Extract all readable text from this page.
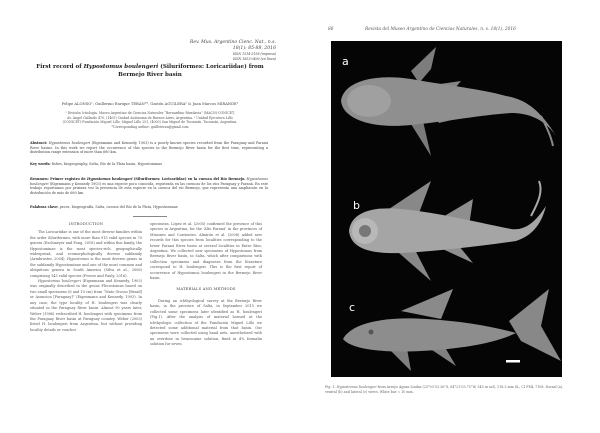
Rev. Mus. Argentino Cienc. Nat., n.s.
18(1): 85-88, 2016
ISSN 1514-5158 (impresa)
ISSN 1853-0400 (en línea)
First record of Hypostomus boulengeri (Siluriformes: Loricariidae) from Bermejo River basin
Felipe ALONSO¹, Guillermo Enrique TERÁN²*, Gastón AGUILERA² & Juan Marcos MIRANDE²
¹ División Ictiología, Museo Argentino de Ciencias Naturales “Bernardino Rivadavia” (MACN)-CONICET,
Av. Ángel Gallardo 470, (1405) Ciudad Autónoma de Buenos Aires, Argentina. ² Unidad Ejecutora Lillo
(CONICET)-Fundación Miguel Lillo, Miguel Lillo 251, (4000) San Miguel de Tucumán, Tucumán, Argentina.
*Corresponding author: guilleteran@gmail.com
Abstract: Hypostomus boulengeri (Eigenmann and Kennedy, 1903) is a poorly known species recorded from the Paraguay and Paraná River basins. In this work we report the occurrence of this species in the Bermejo River basin for the first time, representing a distribution range extension of more than 680 km.
Key words: fishes, biogeography, Salta, Río de la Plata basin, Hypostominae
Resumen: Primer registro de Hypostomus boulengeri (Siluriformes: Loricariidae) en la cuenca del Río Bermejo. Hypostomus boulengeri (Eigenmann y Kennedy 1903) es una especie poco conocida, registrada en las cuencas de los ríos Paraguay y Paraná. En este trabajo reportamos por primera vez la presencia de esta especie en la cuenca del río Bermejo, que representa una ampliación en la distribución de más de 680 km.
Palabras clave: peces, biogeografía, Salta, cuenca del Río de la Plata, Hypostominae
INTRODUCTION
The Loricariidae is one of the most diverse families within the order Siluriformes, with more than 915 valid species in 70 genera (Eschmeyer and Fong, 2016) and within this family, the Hypostominae is the most species-rich, geographically widespread, and ecomorphologically diverse subfamily (Armbruster, 2004). Hypostomus is the most diverse genus in the subfamily Hypostominae and one of the most common and ubiquitous genera in South America (Silva et al., 2006) comprising 143 valid species (Froese and Pauly, 2016).
Hypostomus boulengeri (Eigenmann and Kennedy, 1903) was originally described in the genus Plecostomus based on two small specimens (6 and 10 cm) from “Mato Grosso [Brazil] or Asuncion [Paraguay]” (Eigenmann and Kennedy, 1903). In any case, the type locality of H. boulengeri was clearly situated in the Paraguay River basin. Almost 90 years later, Weber (1986) redescribed H. boulengeri with specimens from the Paraguay River basin at Paraguay country. Weber (2003) listed H. boulengeri from Argentina, but without providing locality details or voucher
specimens. López et al. (2005) confirmed the presence of this species in Argentina, for the ‘Alto Paraná’ in the provinces of Misiones and Corrientes. Almirón et al. (2008) added new records for this species from localities corresponding to the lower Paraná River basin at several localities in Entre Ríos, Argentina. We collected new specimens of Hypostomus from Bermejo River basin, in Salta, which after comparisons with collection specimens and diagnoses from the literature correspond to H. boulengeri. This is the first report of occurrence of Hypostomus boulengeri in the Bermejo River basin.
MATERIALS AND METHODS
During an ichthyological survey at the Bermejo River basin, in the province of Salta, in September 2015 we collected some specimens later identified as H. boulengeri (Fig.1). After the analysis of material housed at the ichthyologic collection of the Fundación Miguel Lillo we detected some additional material from that basin. Our specimens were collected using hand nets, anesthetized with an overdose in benzocaine solution, fixed in 4% formalin solution for seven
86	Revista del Museo Argentino de Ciencias Naturales, n. s. 18(1), 2016
a
b
c
Fig. 1. Hypostomus boulengeri from Arroyo Aguas Lindas (23°03’53.36”S, 64°21’03.75”W, 345 m asl), 118.3 mm SL, CI FML 7108. Dorsal (a), ventral (b) and lateral (c) views. White bar = 10 mm.
